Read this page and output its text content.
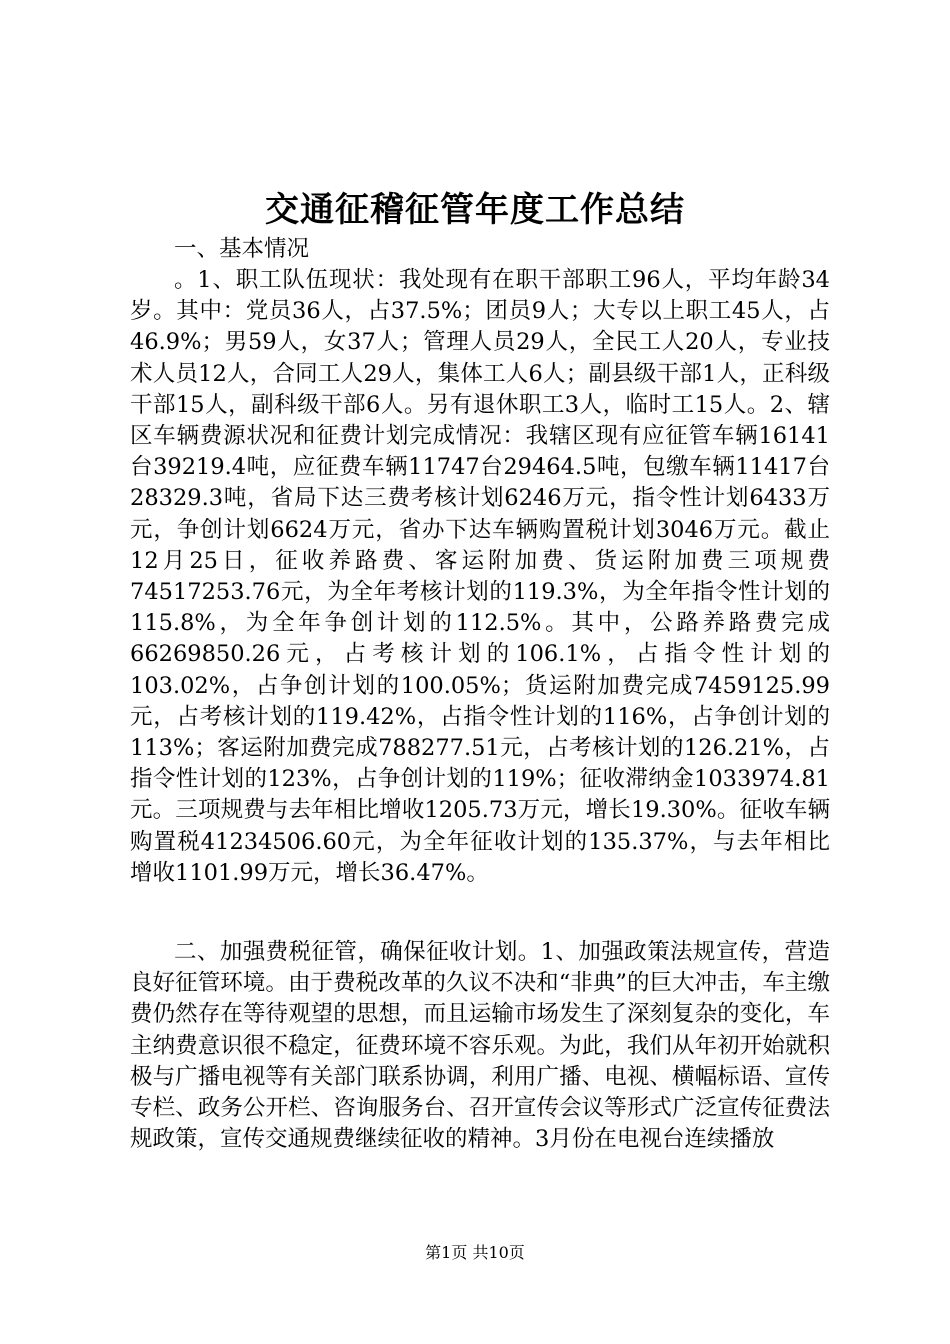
交通征稽征管年度工作总结
一、基本情况
。1、职工队伍现状：我处现有在职干部职工96人，平均年龄34岁。其中：党员36人，占37.5%；团员9人；大专以上职工45人，占46.9%；男59人，女37人；管理人员29人，全民工人20人，专业技术人员12人，合同工人29人，集体工人6人；副县级干部1人，正科级干部15人，副科级干部6人。另有退休职工3人，临时工15人。2、辖区车辆费源状况和征费计划完成情况：我辖区现有应征管车辆16141台39219.4吨，应征费车辆11747台29464.5吨，包缴车辆11417台28329.3吨，省局下达三费考核计划6246万元，指令性计划6433万元，争创计划6624万元，省办下达车辆购置税计划3046万元。截止12月25日，征收养路费、客运附加费、货运附加费三项规费74517253.76元，为全年考核计划的119.3%，为全年指令性计划的115.8%，为全年争创计划的112.5%。其中，公路养路费完成66269850.26元，占考核计划的106.1%，占指令性计划的103.02%，占争创计划的100.05%；货运附加费完成7459125.99元，占考核计划的119.42%，占指令性计划的116%，占争创计划的113%；客运附加费完成788277.51元，占考核计划的126.21%，占指令性计划的123%，占争创计划的119%；征收滞纳金1033974.81元。三项规费与去年相比增收1205.73万元，增长19.30%。征收车辆购置税41234506.60元，为全年征收计划的135.37%，与去年相比增收1101.99万元，增长36.47%。
二、加强费税征管，确保征收计划。1、加强政策法规宣传，营造良好征管环境。由于费税改革的久议不决和“非典”的巨大冲击，车主缴费仍然存在等待观望的思想，而且运输市场发生了深刻复杂的变化，车主纳费意识很不稳定，征费环境不容乐观。为此，我们从年初开始就积极与广播电视等有关部门联系协调，利用广播、电视、横幅标语、宣传专栏、政务公开栏、咨询服务台、召开宣传会议等形式广泛宣传征费法规政策，宣传交通规费继续征收的精神。3月份在电视台连续播放
第1页 共10页
